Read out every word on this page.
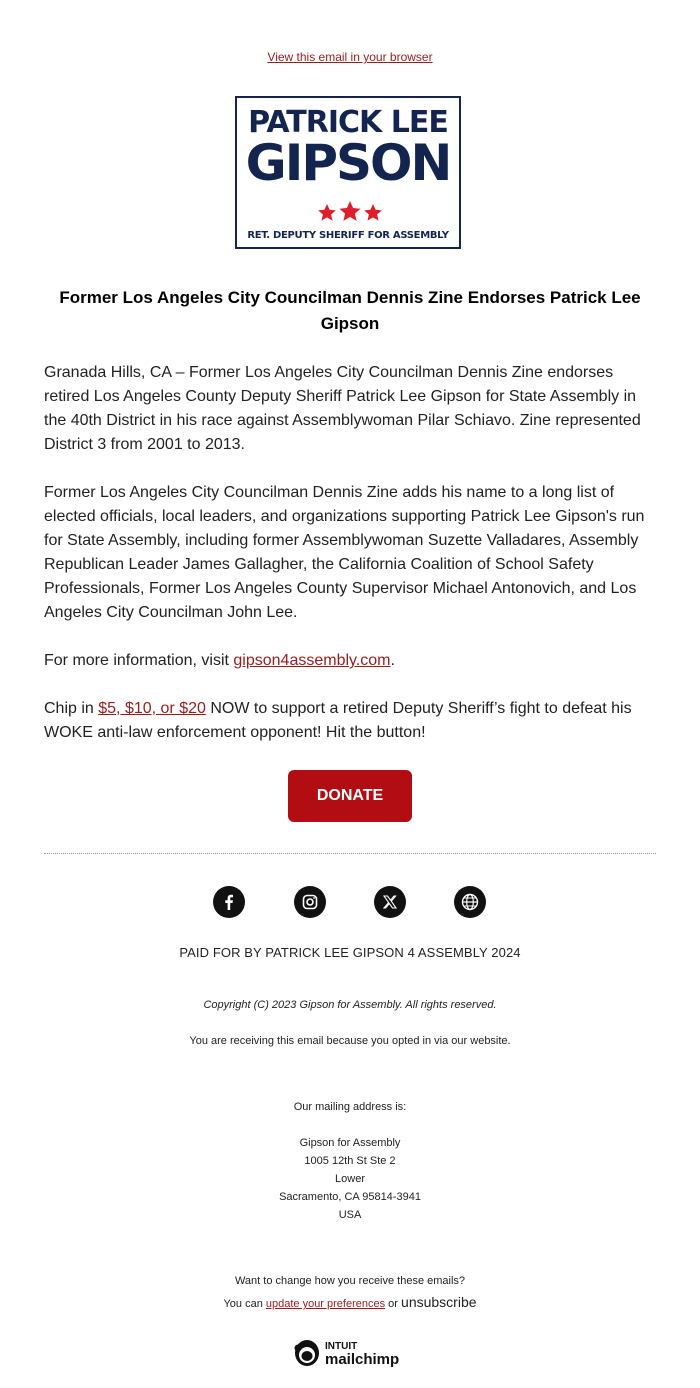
View this email in your browser
PATRICK LEE
GIPSON
RET. DEPUTY SHERIFF FOR ASSEMBLY
Former Los Angeles City Councilman Dennis Zine Endorses Patrick Lee Gipson
Granada Hills, CA – Former Los Angeles City Councilman Dennis Zine endorses retired Los Angeles County Deputy Sheriff Patrick Lee Gipson for State Assembly in the 40th District in his race against Assemblywoman Pilar Schiavo. Zine represented District 3 from 2001 to 2013.
Former Los Angeles City Councilman Dennis Zine adds his name to a long list of elected officials, local leaders, and organizations supporting Patrick Lee Gipson's run for State Assembly, including former Assemblywoman Suzette Valladares, Assembly Republican Leader James Gallagher, the California Coalition of School Safety Professionals, Former Los Angeles County Supervisor Michael Antonovich, and Los Angeles City Councilman John Lee.
For more information, visit gipson4assembly.com.
Chip in $5, $10, or $20 NOW to support a retired Deputy Sheriff’s fight to defeat his WOKE anti-law enforcement opponent! Hit the button!
DONATE
PAID FOR BY PATRICK LEE GIPSON 4 ASSEMBLY 2024
Copyright (C) 2023 Gipson for Assembly. All rights reserved.
You are receiving this email because you opted in via our website.
Our mailing address is:
Gipson for Assembly
1005 12th St Ste 2
Lower
Sacramento, CA 95814-3941
USA
Want to change how you receive these emails?
You can update your preferences or unsubscribe
INTUIT
mailchimp
